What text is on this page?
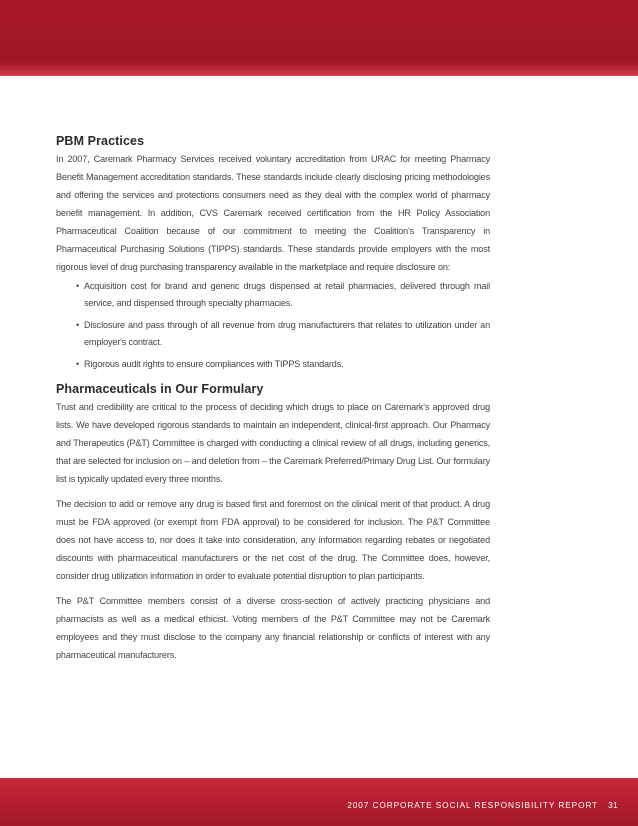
PBM Practices

In 2007, Caremark Pharmacy Services received voluntary accreditation from URAC for meeting Pharmacy Benefit Management accreditation standards. These standards include clearly disclosing pricing methodologies and offering the services and protections consumers need as they deal with the complex world of pharmacy benefit management. In addition, CVS Caremark received certification from the HR Policy Association Pharmaceutical Coalition because of our commitment to meeting the Coalition's Transparency in Pharmaceutical Purchasing Solutions (TIPPS) standards. These standards provide employers with the most rigorous level of drug purchasing transparency available in the marketplace and require disclosure on:

• Acquisition cost for brand and generic drugs dispensed at retail pharmacies, delivered through mail service, and dispensed through specialty pharmacies.
• Disclosure and pass through of all revenue from drug manufacturers that relates to utilization under an employer's contract.
• Rigorous audit rights to ensure compliances with TIPPS standards.
Pharmaceuticals in Our Formulary

Trust and credibility are critical to the process of deciding which drugs to place on Caremark's approved drug lists. We have developed rigorous standards to maintain an independent, clinical-first approach. Our Pharmacy and Therapeutics (P&T) Committee is charged with conducting a clinical review of all drugs, including generics, that are selected for inclusion on – and deletion from – the Caremark Preferred/Primary Drug List. Our formulary list is typically updated every three months.

The decision to add or remove any drug is based first and foremost on the clinical merit of that product. A drug must be FDA approved (or exempt from FDA approval) to be considered for inclusion. The P&T Committee does not have access to, nor does it take into consideration, any information regarding rebates or negotiated discounts with pharmaceutical manufacturers or the net cost of the drug. The Committee does, however, consider drug utilization information in order to evaluate potential disruption to plan participants.

The P&T Committee members consist of a diverse cross-section of actively practicing physicians and pharmacists as well as a medical ethicist. Voting members of the P&T Committee may not be Caremark employees and they must disclose to the company any financial relationship or conflicts of interest with any pharmaceutical manufacturers.

2007 CORPORATE SOCIAL RESPONSIBILITY REPORT 31
